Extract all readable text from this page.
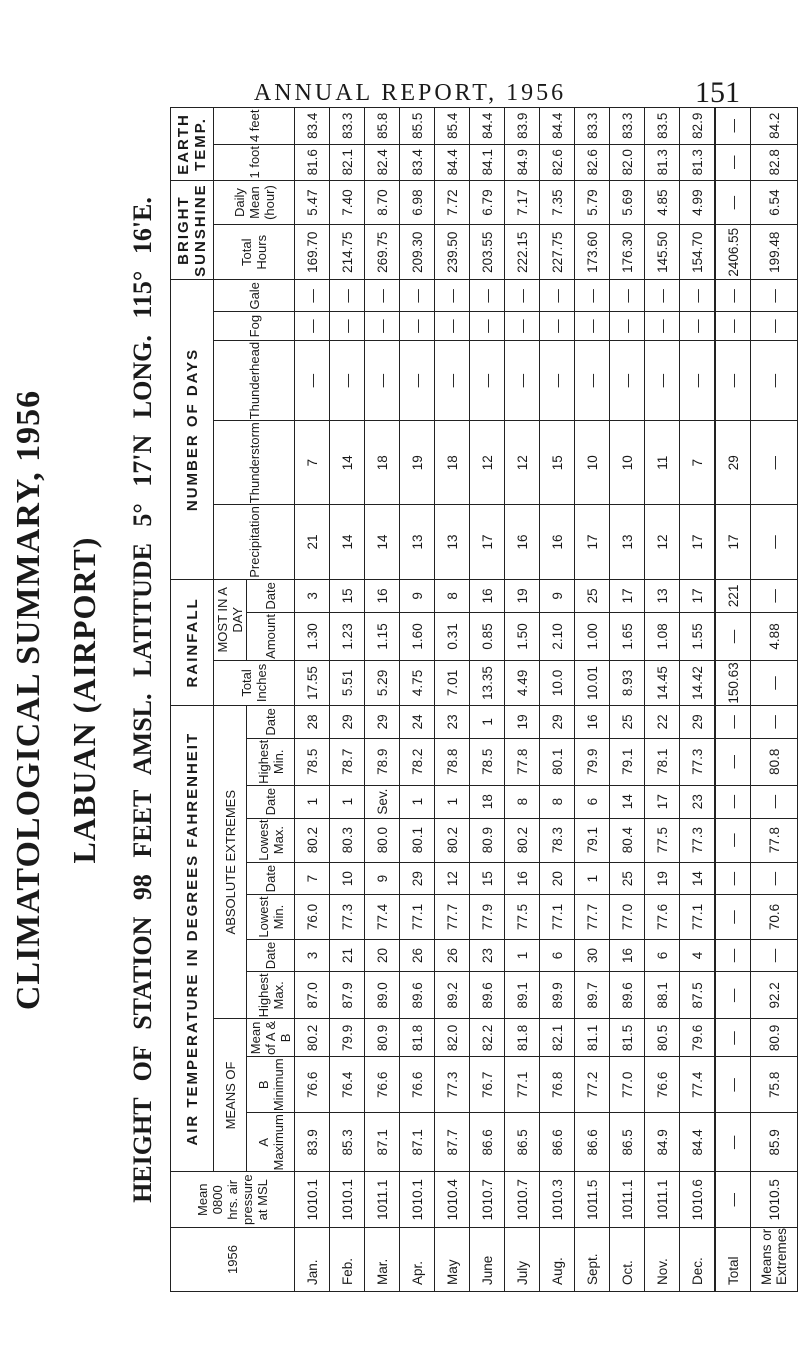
ANNUAL REPORT, 1956	151
CLIMATOLOGICAL SUMMARY, 1956 LABUAN (AIRPORT) HEIGHT OF STATION 98 FEET AMSL. LATITUDE 5° 17'N LONG. 115° 16'E.
1956	Mean 0800 hrs. air pressure at MSL	AIR TEMPERATURE IN DEGREES FAHRENHEIT											RAINFALL			NUMBER OF DAYS					BRIGHT SUNSHINE		EARTH TEMP.	
		MEANS OF			ABSOLUTE EXTREMES								Total Inches	MOST IN A DAY		Precipitation	Thunderstorm	Thunderhead	Fog	Gale	Total Hours	Daily Mean (hour)	1 foot	4 feet
		A Maximum	B Minimum	Mean of A & B	Highest Max.	Date	Lowest Min.	Date	Lowest Max.	Date	Highest Min.	Date		Amount	Date									
Jan.	1010.1	83.9	76.6	80.2	87.0	3	76.0	7	80.2	1	78.5	28	17.55	1.30	3	21	7	—	—	—	169.70	5.47	81.6	83.4
Feb.	1010.1	85.3	76.4	79.9	87.9	21	77.3	10	80.3	1	78.7	29	5.51	1.23	15	14	14	—	—	—	214.75	7.40	82.1	83.3
Mar.	1011.1	87.1	76.6	80.9	89.0	20	77.4	9	80.0	Sev.	78.9	29	5.29	1.15	16	14	18	—	—	—	269.75	8.70	82.4	85.8
Apr.	1010.1	87.1	76.6	81.8	89.6	26	77.1	29	80.1	1	78.2	24	4.75	1.60	9	13	19	—	—	—	209.30	6.98	83.4	85.5
May	1010.4	87.7	77.3	82.0	89.2	26	77.7	12	80.2	1	78.8	23	7.01	0.31	8	13	18	—	—	—	239.50	7.72	84.4	85.4
June	1010.7	86.6	76.7	82.2	89.6	23	77.9	15	80.9	18	78.5	1	13.35	0.85	16	17	12	—	—	—	203.55	6.79	84.1	84.4
July	1010.7	86.5	77.1	81.8	89.1	1	77.5	16	80.2	8	77.8	19	4.49	1.50	19	16	12	—	—	—	222.15	7.17	84.9	83.9
Aug.	1010.3	86.6	76.8	82.1	89.9	6	77.1	20	78.3	8	80.1	29	10.0	2.10	9	16	15	—	—	—	227.75	7.35	82.6	84.4
Sept.	1011.5	86.6	77.2	81.1	89.7	30	77.7	1	79.1	6	79.9	16	10.01	1.00	25	17	10	—	—	—	173.60	5.79	82.6	83.3
Oct.	1011.1	86.5	77.0	81.5	89.6	16	77.0	25	80.4	14	79.1	25	8.93	1.65	17	13	10	—	—	—	176.30	5.69	82.0	83.3
Nov.	1011.1	84.9	76.6	80.5	88.1	6	77.6	19	77.5	17	78.1	22	14.45	1.08	13	12	11	—	—	—	145.50	4.85	81.3	83.5
Dec.	1010.6	84.4	77.4	79.6	87.5	4	77.1	14	77.3	23	77.3	29	14.42	1.55	17	17	7	—	—	—	154.70	4.99	81.3	82.9
Total	—	—	—	—	—	—	—	—	—	—	—	—	150.63	—	221	17	29	—	—	—	2406.55	—	—	—
Means or Extremes	1010.5	85.9	75.8	80.9	92.2	—	70.6	—	77.8	—	80.8	—	—	4.88	—	—	—	—	—	—	199.48	6.54	82.8	84.2
